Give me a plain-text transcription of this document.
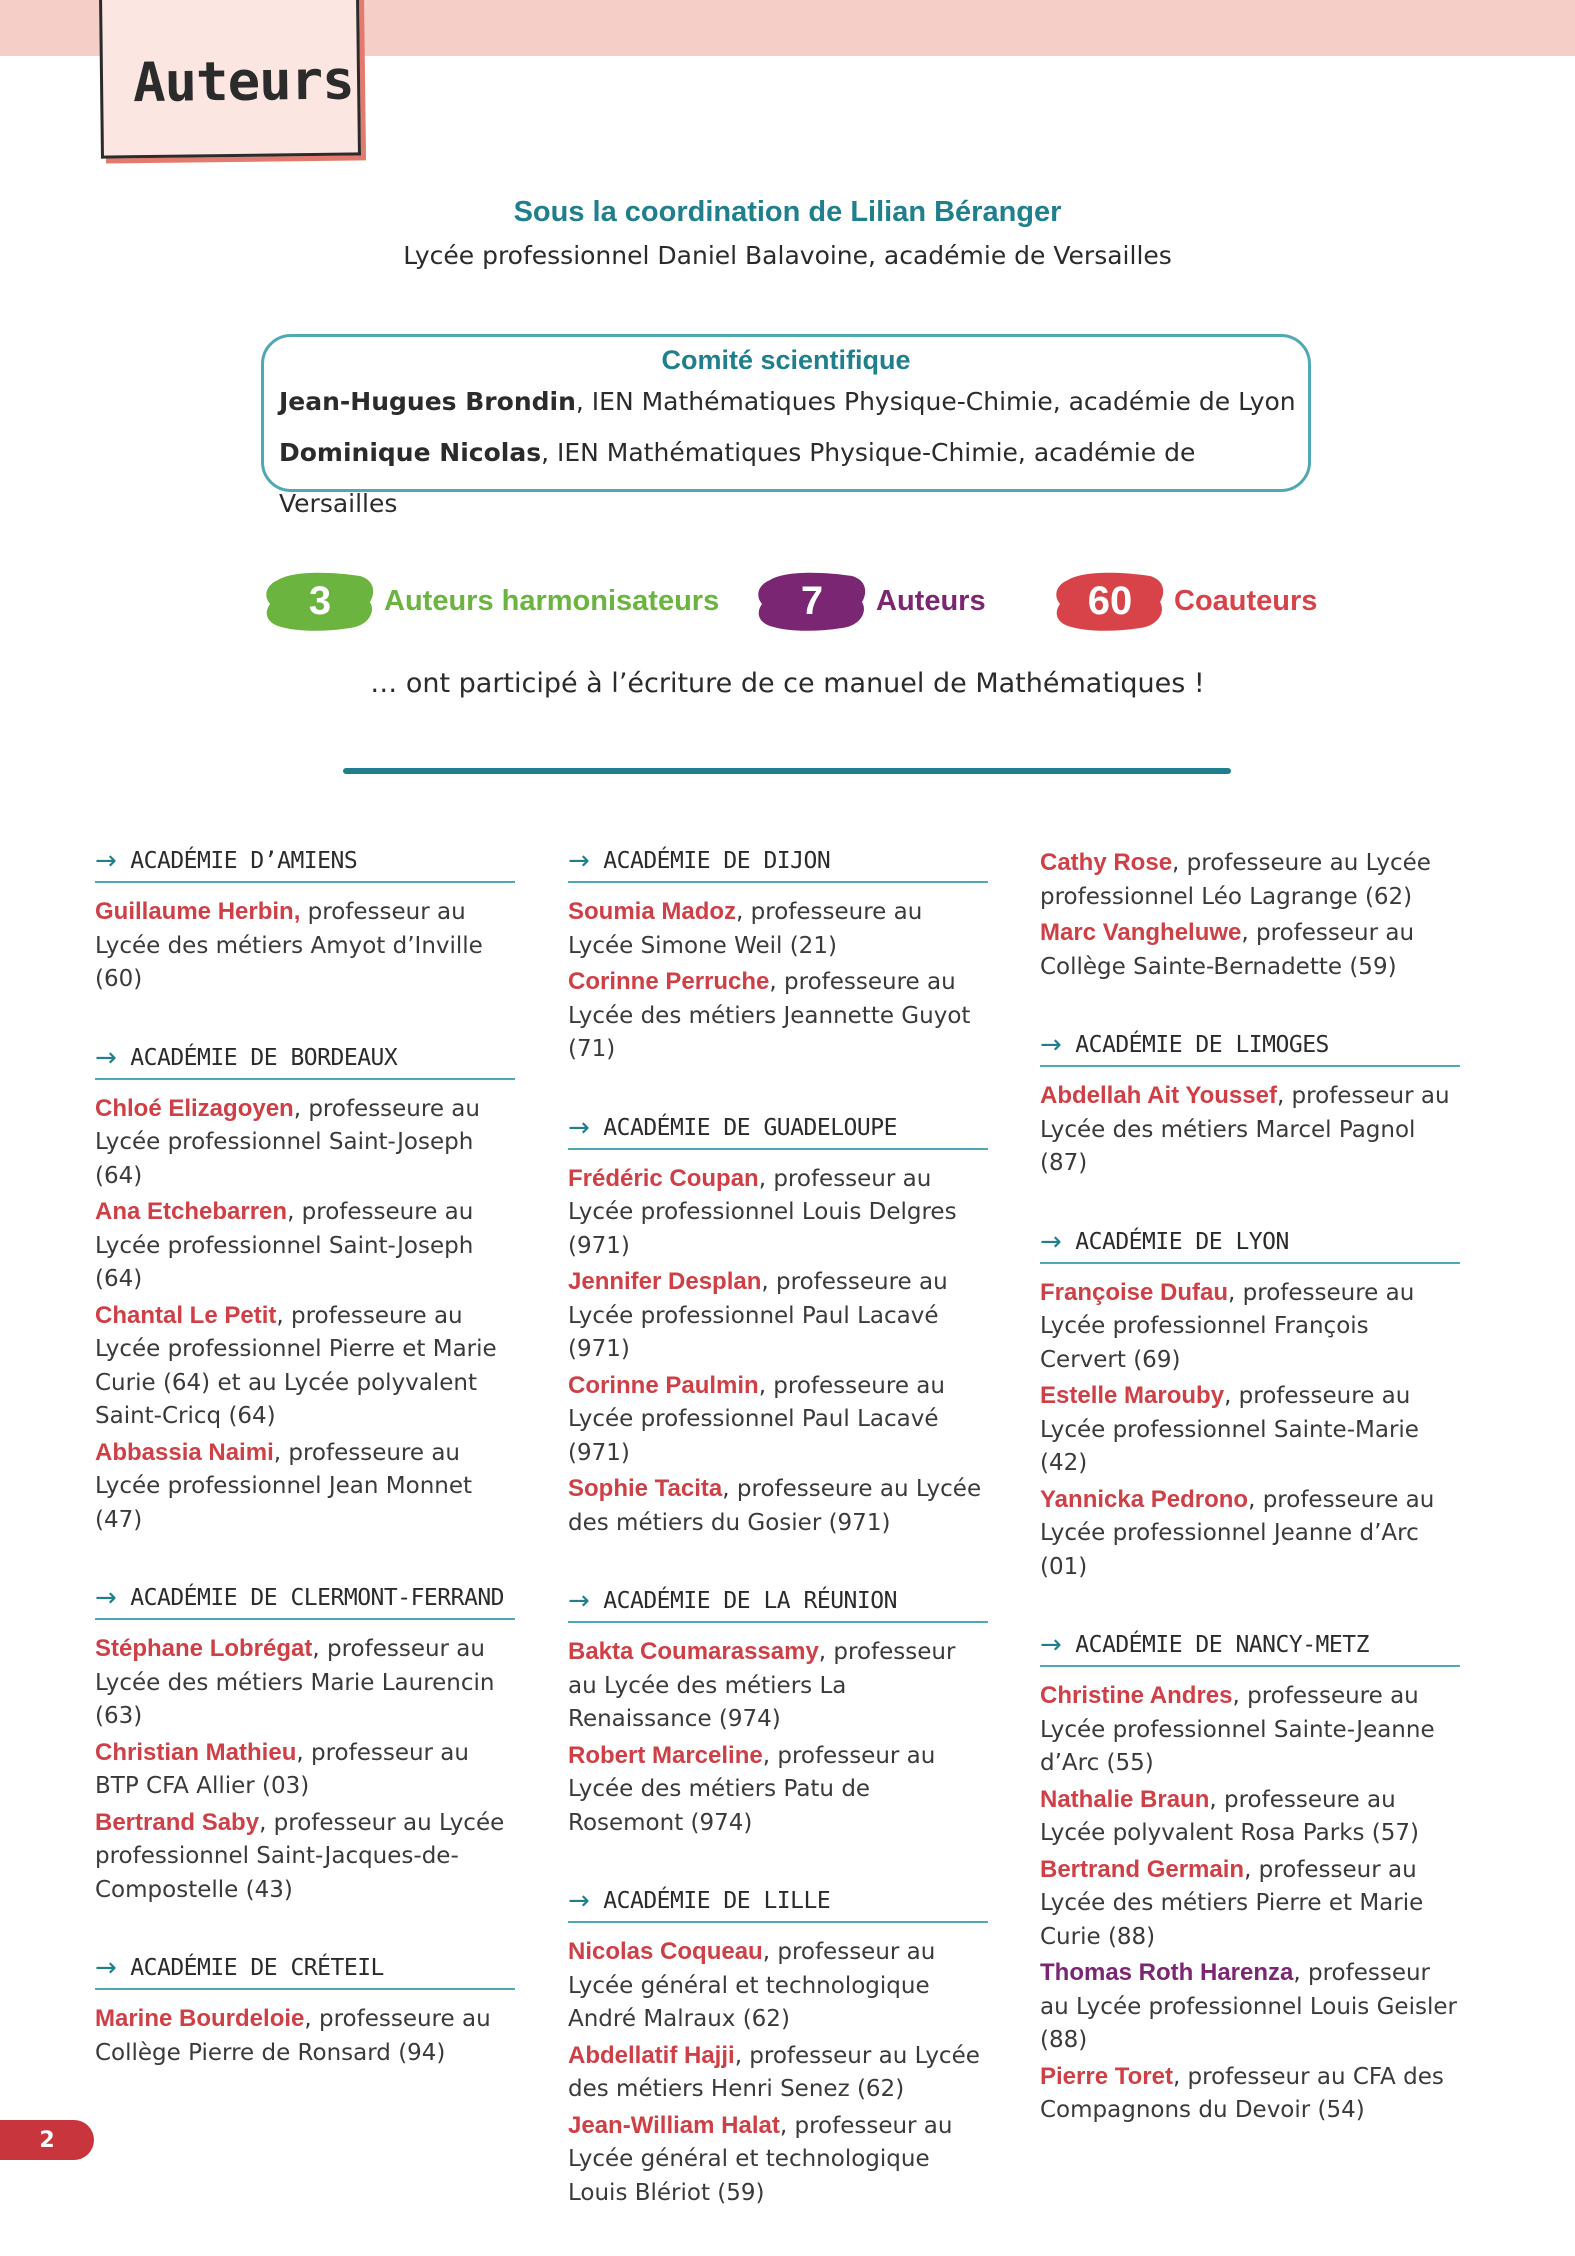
Auteurs
Sous la coordination de Lilian Béranger
Lycée professionnel Daniel Balavoine, académie de Versailles
Comité scientifique
Jean-Hugues Brondin, IEN Mathématiques Physique-Chimie, académie de Lyon
Dominique Nicolas, IEN Mathématiques Physique-Chimie, académie de Versailles
3	Auteurs harmonisateurs	7	Auteurs	60	Coauteurs
… ont participé à l’écriture de ce manuel de Mathématiques !
→ ACADÉMIE D’AMIENS
Guillaume Herbin, professeur au Lycée des métiers Amyot d’Inville (60)
→ ACADÉMIE DE BORDEAUX
Chloé Elizagoyen, professeure au Lycée professionnel Saint-Joseph (64)
Ana Etchebarren, professeure au Lycée professionnel Saint-Joseph (64)
Chantal Le Petit, professeure au Lycée professionnel Pierre et Marie Curie (64) et au Lycée polyvalent Saint-Cricq (64)
Abbassia Naimi, professeure au Lycée professionnel Jean Monnet (47)
→ ACADÉMIE DE CLERMONT-FERRAND
Stéphane Lobrégat, professeur au Lycée des métiers Marie Laurencin (63)
Christian Mathieu, professeur au BTP CFA Allier (03)
Bertrand Saby, professeur au Lycée professionnel Saint-Jacques-de-Compostelle (43)
→ ACADÉMIE DE CRÉTEIL
Marine Bourdeloie, professeure au Collège Pierre de Ronsard (94)
→ ACADÉMIE DE DIJON
Soumia Madoz, professeure au Lycée Simone Weil (21)
Corinne Perruche, professeure au Lycée des métiers Jeannette Guyot (71)
→ ACADÉMIE DE GUADELOUPE
Frédéric Coupan, professeur au Lycée professionnel Louis Delgres (971)
Jennifer Desplan, professeure au Lycée professionnel Paul Lacavé (971)
Corinne Paulmin, professeure au Lycée professionnel Paul Lacavé (971)
Sophie Tacita, professeure au Lycée des métiers du Gosier (971)
→ ACADÉMIE DE LA RÉUNION
Bakta Coumarassamy, professeur au Lycée des métiers La Renaissance (974)
Robert Marceline, professeur au Lycée des métiers Patu de Rosemont (974)
→ ACADÉMIE DE LILLE
Nicolas Coqueau, professeur au Lycée général et technologique André Malraux (62)
Abdellatif Hajji, professeur au Lycée des métiers Henri Senez (62)
Jean-William Halat, professeur au Lycée général et technologique Louis Blériot (59)
Cathy Rose, professeure au Lycée professionnel Léo Lagrange (62)
Marc Vangheluwe, professeur au Collège Sainte-Bernadette (59)
→ ACADÉMIE DE LIMOGES
Abdellah Ait Youssef, professeur au Lycée des métiers Marcel Pagnol (87)
→ ACADÉMIE DE LYON
Françoise Dufau, professeure au Lycée professionnel François Cervert (69)
Estelle Marouby, professeure au Lycée professionnel Sainte-Marie (42)
Yannicka Pedrono, professeure au Lycée professionnel Jeanne d’Arc (01)
→ ACADÉMIE DE NANCY-METZ
Christine Andres, professeure au Lycée professionnel Sainte-Jeanne d’Arc (55)
Nathalie Braun, professeure au Lycée polyvalent Rosa Parks (57)
Bertrand Germain, professeur au Lycée des métiers Pierre et Marie Curie (88)
Thomas Roth Harenza, professeur au Lycée professionnel Louis Geisler (88)
Pierre Toret, professeur au CFA des Compagnons du Devoir (54)
2
